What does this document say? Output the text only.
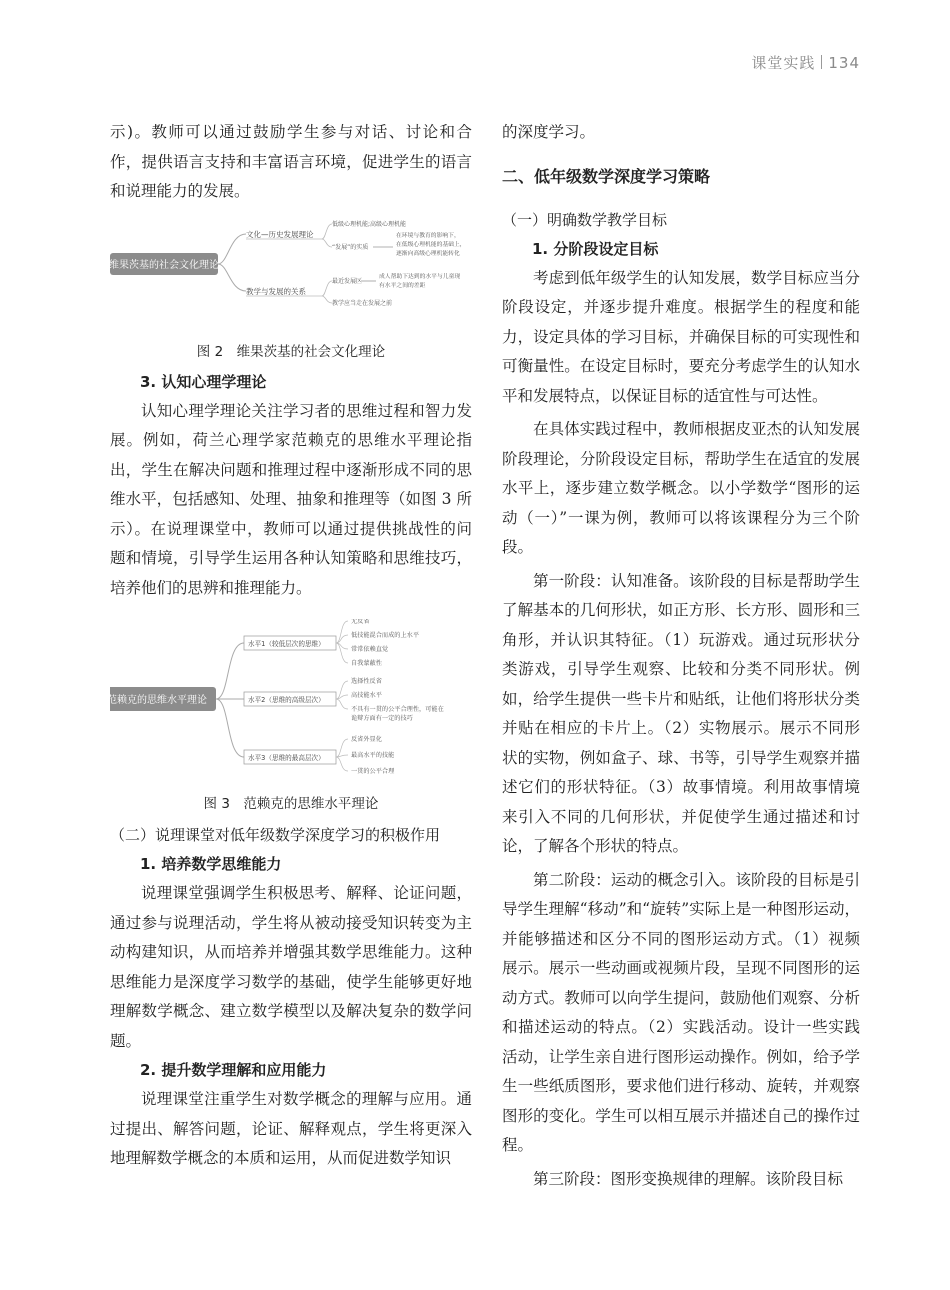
课堂实践 134

示)。教师可以通过鼓励学生参与对话、讨论和合作，提供语言支持和丰富语言环境，促进学生的语言和说理能力的发展。

维果茨基的社会文化理论
文化—历史发展理论
教学与发展的关系
低级心理机能;高级心理机能
“发展”的实质
在环境与教育的影响下，
在低级心理机能的基础上，
逐渐向高级心理机能转化
最近发展区
成人帮助下达到的水平与儿童现
有水平之间的差距
教学应当走在发展之前
图 2　维果茨基的社会文化理论
3. 认知心理学理论

认知心理学理论关注学习者的思维过程和智力发展。例如，荷兰心理学家范赖克的思维水平理论指出，学生在解决问题和推理过程中逐渐形成不同的思维水平，包括感知、处理、抽象和推理等（如图 3 所示）。在说理课堂中，教师可以通过提供挑战性的问题和情境，引导学生运用各种认知策略和思维技巧，培养他们的思辨和推理能力。

范赖克的思维水平理论
水平1（较低层次的思维）
水平2（思维的高级层次）
水平3（思维的最高层次）
无反省
低技能混合而成的上水平
常常依赖直觉
自我蒙蔽性
选择性反省
高技能水平
不具有一贯的公平合理性，可能在
诡辩方面有一定的技巧
反省外显化
最高水平的技能
一贯的公平合理
图 3　范赖克的思维水平理论
（二）说理课堂对低年级数学深度学习的积极作用
1. 培养数学思维能力

说理课堂强调学生积极思考、解释、论证问题，通过参与说理活动，学生将从被动接受知识转变为主动构建知识，从而培养并增强其数学思维能力。这种思维能力是深度学习数学的基础，使学生能够更好地理解数学概念、建立数学模型以及解决复杂的数学问题。

2. 提升数学理解和应用能力

说理课堂注重学生对数学概念的理解与应用。通过提出、解答问题，论证、解释观点，学生将更深入地理解数学概念的本质和运用，从而促进数学知识

的深度学习。

二、低年级数学深度学习策略
（一）明确数学教学目标
1. 分阶段设定目标

考虑到低年级学生的认知发展，数学目标应当分阶段设定，并逐步提升难度。根据学生的程度和能力，设定具体的学习目标，并确保目标的可实现性和可衡量性。在设定目标时，要充分考虑学生的认知水平和发展特点，以保证目标的适宜性与可达性。

在具体实践过程中，教师根据皮亚杰的认知发展阶段理论，分阶段设定目标，帮助学生在适宜的发展水平上，逐步建立数学概念。以小学数学“图形的运动（一）”一课为例，教师可以将该课程分为三个阶段。

第一阶段：认知准备。该阶段的目标是帮助学生了解基本的几何形状，如正方形、长方形、圆形和三角形，并认识其特征。（1）玩游戏。通过玩形状分类游戏，引导学生观察、比较和分类不同形状。例如，给学生提供一些卡片和贴纸，让他们将形状分类并贴在相应的卡片上。（2）实物展示。展示不同形状的实物，例如盒子、球、书等，引导学生观察并描述它们的形状特征。（3）故事情境。利用故事情境来引入不同的几何形状，并促使学生通过描述和讨论，了解各个形状的特点。

第二阶段：运动的概念引入。该阶段的目标是引导学生理解“移动”和“旋转”实际上是一种图形运动，并能够描述和区分不同的图形运动方式。（1）视频展示。展示一些动画或视频片段，呈现不同图形的运动方式。教师可以向学生提问，鼓励他们观察、分析和描述运动的特点。（2）实践活动。设计一些实践活动，让学生亲自进行图形运动操作。例如，给予学生一些纸质图形，要求他们进行移动、旋转，并观察图形的变化。学生可以相互展示并描述自己的操作过程。

第三阶段：图形变换规律的理解。该阶段目标
